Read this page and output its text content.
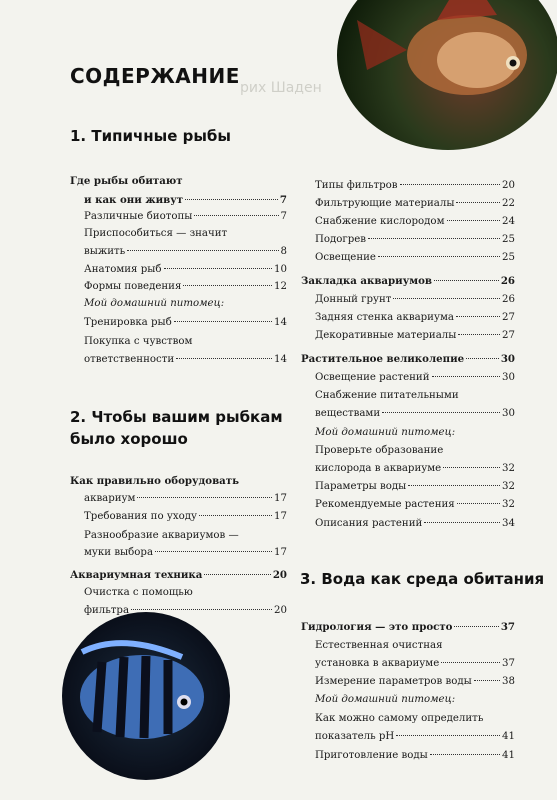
рих Шаден
СОДЕРЖАНИЕ
1. Типичные рыбы
2. Чтобы вашим рыбкам
было хорошо
3. Вода как среда обитания
Где рыбы обитают
и как они живут	7
Различные биотопы	7
Приспособиться — значит
выжить	8
Анатомия рыб	10
Формы поведения	12
Мой домашний питомец:
Тренировка рыб	14
Покупка с чувством
ответственности	14
Как правильно оборудовать
аквариум	17
Требования по уходу	17
Разнообразие аквариумов —
муки выбора	17
Аквариумная техника	20
Очистка с помощью
фильтра	20
Типы фильтров	20
Фильтрующие материалы	22
Снабжение кислородом	24
Подогрев	25
Освещение	25
Закладка аквариумов	26
Донный грунт	26
Задняя стенка аквариума	27
Декоративные материалы	27
Растительное великолепие	30
Освещение растений	30
Снабжение питательными
веществами	30
Мой домашний питомец:
Проверьте образование
кислорода в аквариуме	32
Параметры воды	32
Рекомендуемые растения	32
Описания растений	34
Гидрология — это просто	37
Естественная очистная
установка в аквариуме	37
Измерение параметров воды	38
Мой домашний питомец:
Как можно самому определить
показатель рН	41
Приготовление воды	41
